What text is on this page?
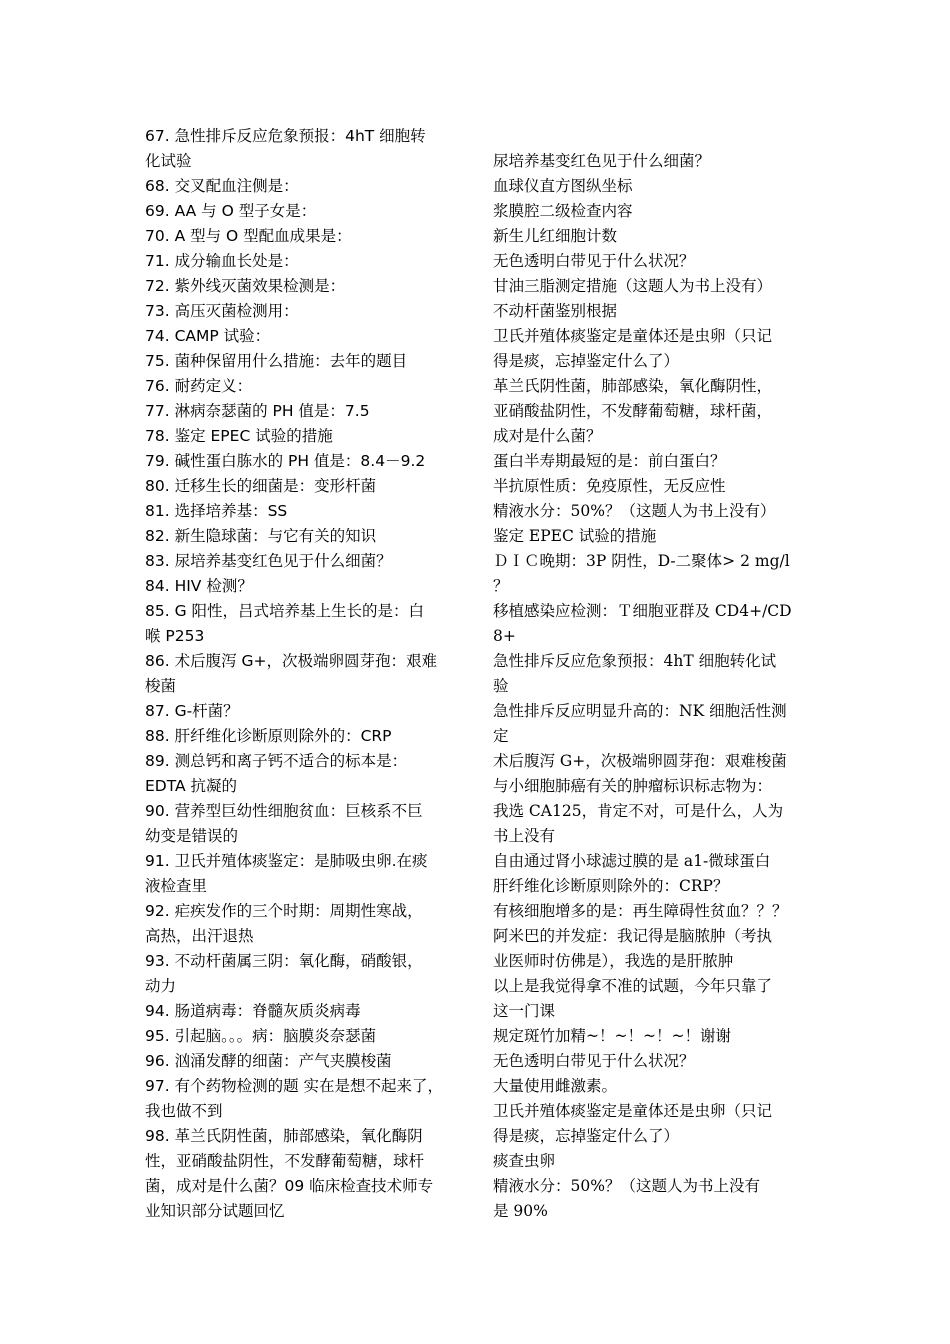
67. 急性排斥反应危象预报：4hT 细胞转
化试验
68. 交叉配血注侧是：
69. AA 与 O 型子女是：
70. A 型与 O 型配血成果是：
71. 成分输血长处是：
72. 紫外线灭菌效果检测是：
73. 高压灭菌检测用：
74. CAMP 试验：
75. 菌种保留用什么措施：去年的题目
76. 耐药定义：
77. 淋病奈瑟菌的 PH 值是：7.5
78. 鉴定 EPEC 试验的措施
79. 碱性蛋白胨水的 PH 值是：8.4－9.2
80. 迁移生长的细菌是：变形杆菌
81. 选择培养基：SS
82. 新生隐球菌：与它有关的知识
83. 尿培养基变红色见于什么细菌？
84. HIV 检测？
85. G 阳性，吕式培养基上生长的是：白
喉 P253
86. 术后腹泻 G+，次极端卵圆芽孢：艰难
梭菌
87. G-杆菌？
88. 肝纤维化诊断原则除外的：CRP
89. 测总钙和离子钙不适合的标本是：
EDTA 抗凝的
90. 营养型巨幼性细胞贫血：巨核系不巨
幼变是错误的
91. 卫氏并殖体痰鉴定：是肺吸虫卵.在痰
液检查里
92. 疟疾发作的三个时期：周期性寒战，
高热，出汗退热
93. 不动杆菌属三阴：氧化酶，硝酸银，
动力
94. 肠道病毒：脊髓灰质炎病毒
95. 引起脑。。。病：脑膜炎奈瑟菌
96. 汹涌发酵的细菌：产气夹膜梭菌
97. 有个药物检测的题 实在是想不起来了，
我也做不到
98. 革兰氏阴性菌，肺部感染，氧化酶阴
性，亚硝酸盐阴性，不发酵葡萄糖，球杆
菌，成对是什么菌？09 临床检查技术师专
业知识部分试题回忆
尿培养基变红色见于什么细菌？
血球仪直方图纵坐标
浆膜腔二级检查内容
新生儿红细胞计数
无色透明白带见于什么状况？
甘油三脂测定措施（这题人为书上没有）
不动杆菌鉴别根据
卫氏并殖体痰鉴定是童体还是虫卵（只记
得是痰，忘掉鉴定什么了）
革兰氏阴性菌，肺部感染，氧化酶阴性，
亚硝酸盐阴性，不发酵葡萄糖，球杆菌，
成对是什么菌？
蛋白半寿期最短的是：前白蛋白？
半抗原性质：免疫原性，无反应性
精液水分：50%？（这题人为书上没有）
鉴定 EPEC 试验的措施
ＤＩＣ晚期：3P 阴性，D-二聚体> 2 mg/l
？
移植感染应检测：Ｔ细胞亚群及 CD4+/CD
8+
急性排斥反应危象预报：4hT 细胞转化试
验
急性排斥反应明显升高的：NK 细胞活性测
定
术后腹泻 G+，次极端卵圆芽孢：艰难梭菌
与小细胞肺癌有关的肿瘤标识标志物为：
我选 CA125，肯定不对，可是什么，人为
书上没有
自由通过肾小球滤过膜的是 a1-微球蛋白
肝纤维化诊断原则除外的：CRP？
有核细胞增多的是：再生障碍性贫血？？？
阿米巴的并发症：我记得是脑脓肿（考执
业医师时仿佛是），我选的是肝脓肿
以上是我觉得拿不准的试题，今年只靠了
这一门课
规定斑竹加精~！~！~！~！谢谢
无色透明白带见于什么状况？
大量使用雌激素。
卫氏并殖体痰鉴定是童体还是虫卵（只记
得是痰，忘掉鉴定什么了）
痰查虫卵
精液水分：50%？（这题人为书上没有
是 90%
